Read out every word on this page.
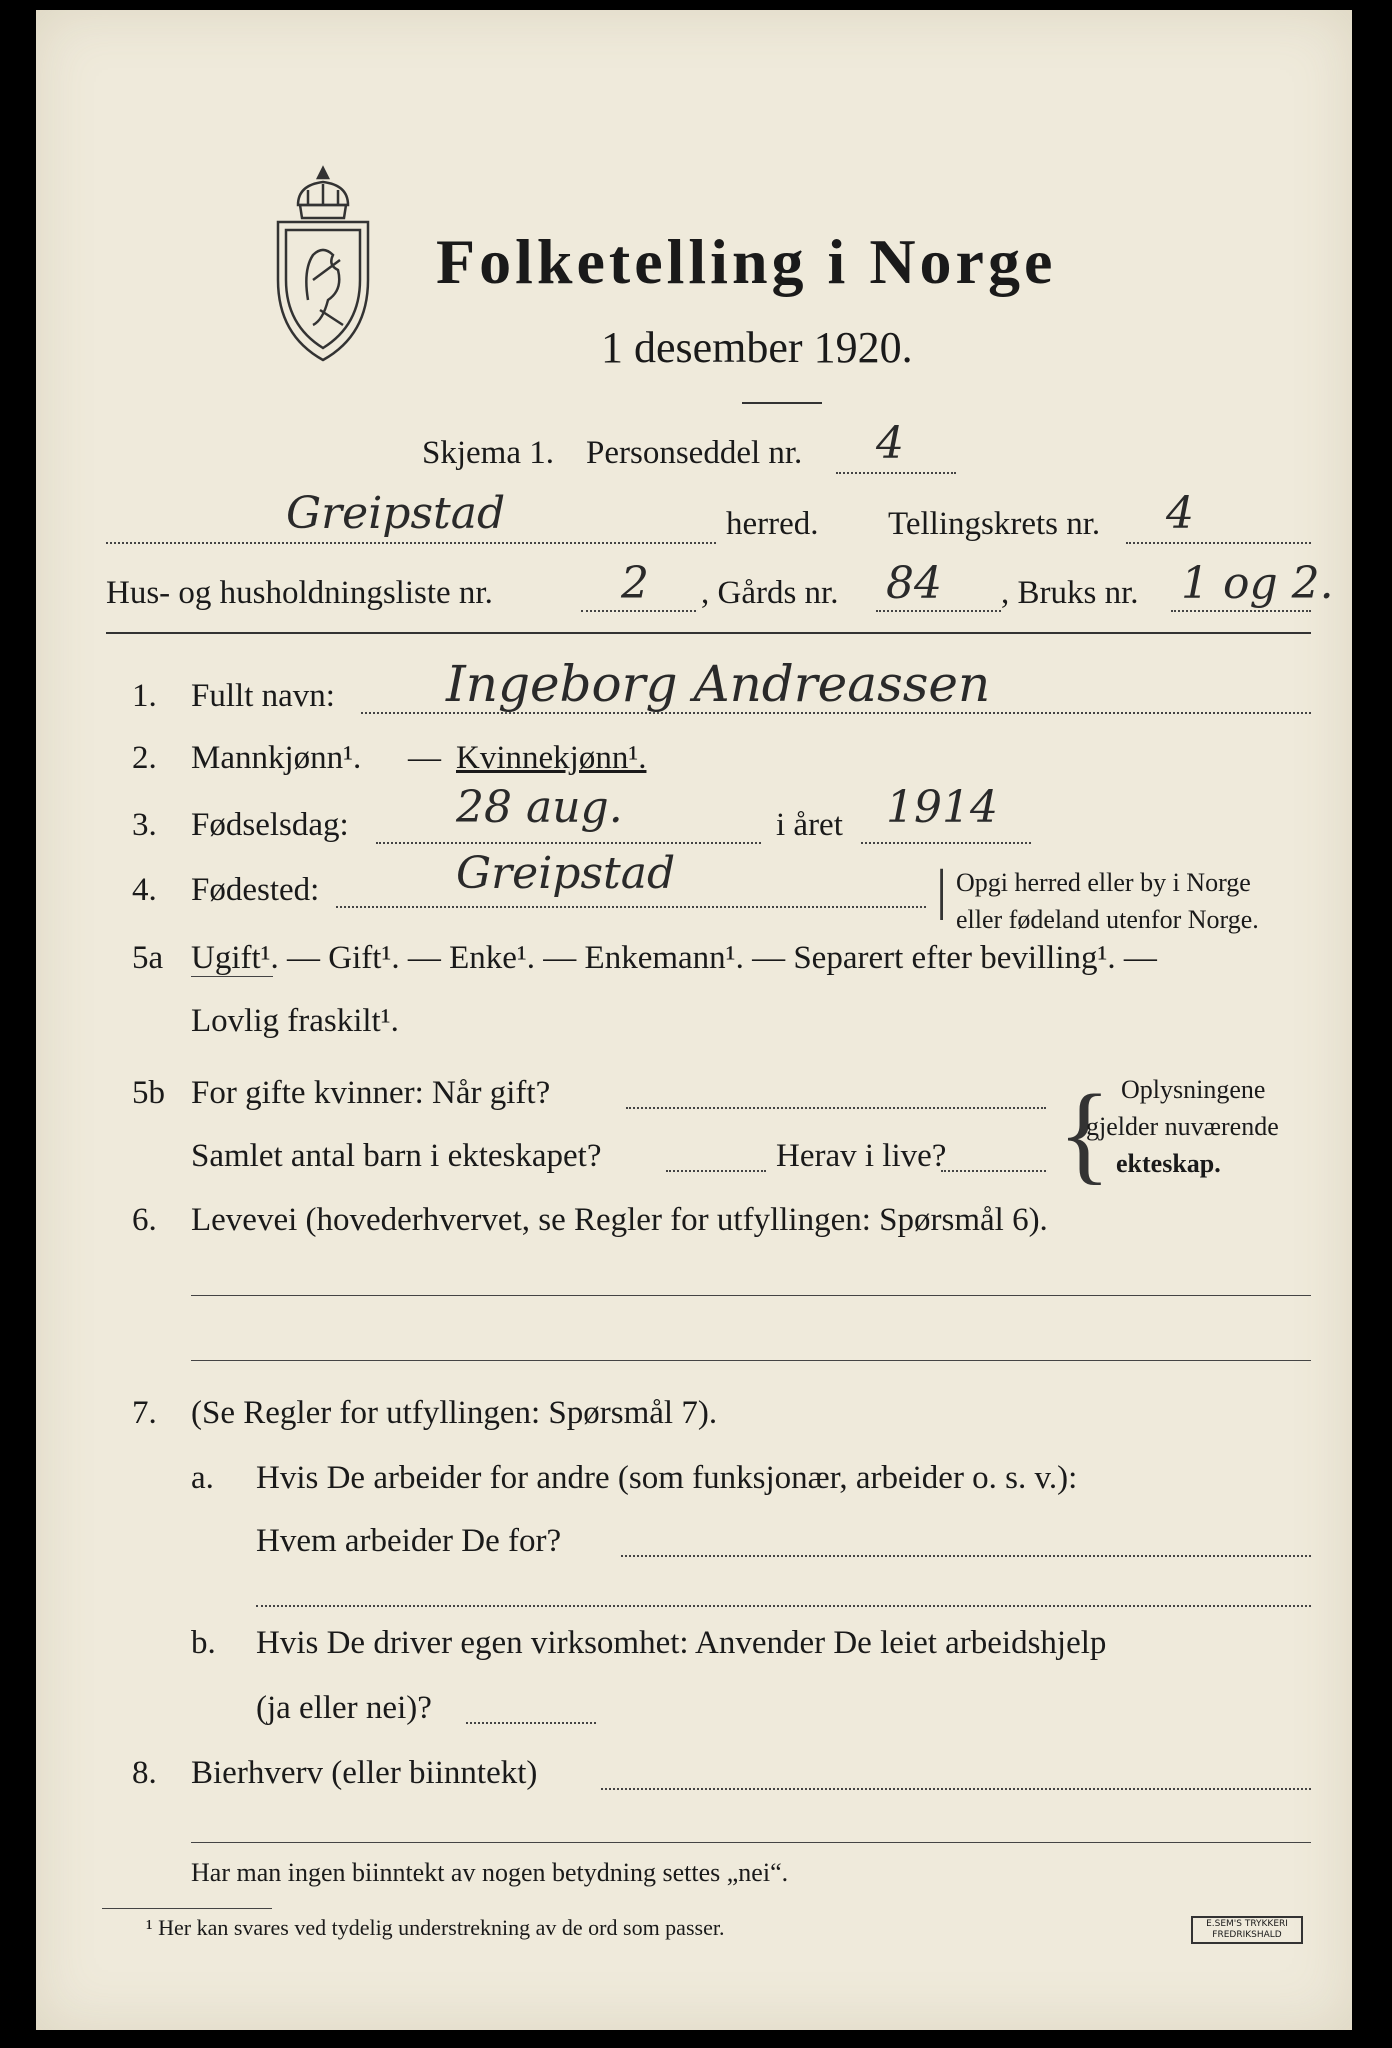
Folketelling i Norge
1 desember 1920.
Skjema 1. Personseddel nr. 4
Greipstad	herred. Tellingskrets nr. 4
Hus- og husholdningsliste nr.	2 , Gårds nr. 84 , Bruks nr. 1 og 2.
1. Fullt navn: Ingeborg Andreassen
2. Mannkjønn¹. — Kvinnekjønn¹.
3. Fødselsdag: 28 aug.	i året 1914
4. Fødested:	Greipstad	| Opgi herred eller by i Norge
eller fødeland utenfor Norge.
5a Ugift¹. — Gift¹. — Enke¹. — Enkemann¹. — Separert efter bevilling¹. —
Lovlig fraskilt¹.
5b For gifte kvinner: Når gift?
Samlet antal barn i ekteskapet?	Herav i live? { Oplysningene
gjelder nuværende
ekteskap.
6. Levevei (hovederhvervet, se Regler for utfyllingen: Spørsmål 6).
7. (Se Regler for utfyllingen: Spørsmål 7).
a. Hvis De arbeider for andre (som funksjonær, arbeider o. s. v.):
Hvem arbeider De for?
b. Hvis De driver egen virksomhet: Anvender De leiet arbeidshjelp
(ja eller nei)?
8. Bierhverv (eller biinntekt)
Har man ingen biinntekt av nogen betydning settes „nei“.
¹ Her kan svares ved tydelig understrekning av de ord som passer.	E.SEM'S TRYKKERI FREDRIKSHALD
